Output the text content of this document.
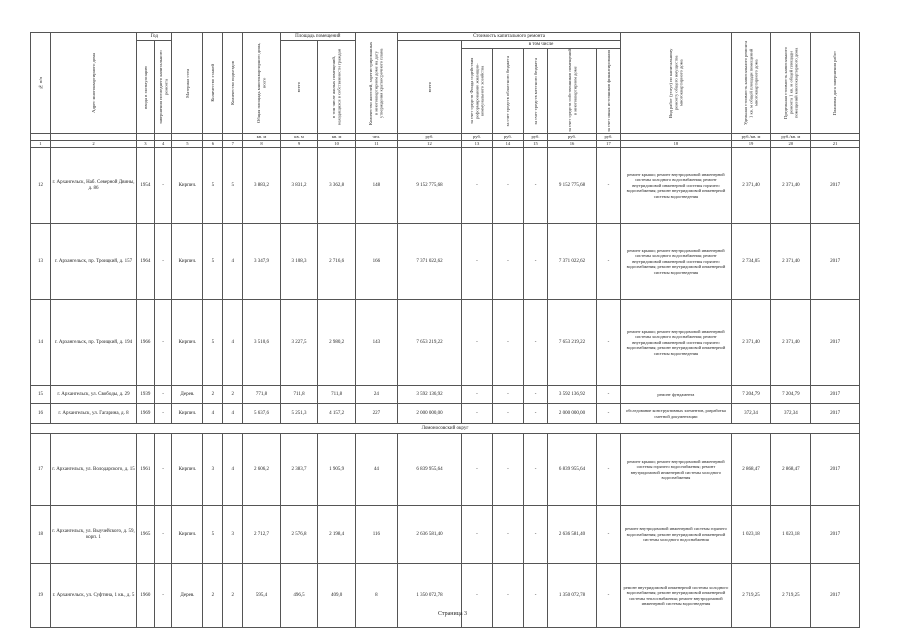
№ п/п	Адрес многоквартирного дома	Год		Материал стен	Количество этажей	Количество подъездов	Общая площадь многоквартирного дома, всего	Площадь помещений		Количество жителей, зарегистрированных в многоквартирном доме на дату утверждения краткосрочного плана	Стоимость капитального ремонта						Вид работ (услуг) по капитальному ремонту общего имущества многоквартирного дома	Удельная стоимость капитального ремонта 1 кв. м общей площади помещений многоквартирного дома	Предельная стоимость капитального ремонта 1 кв. м общей площади помещений многоквартирного дома	Плановая дата завершения работ

		ввода в эксплуатацию	завершения последнего капитального ремонта					всего	в том числе жилых помещений, находящихся в собственности граждан		всего	в том числе								

												за счет средств Фонда содействия реформированию жилищно-коммунального хозяйства	за счет средств областного бюджета	за счет средств местного бюджета	за счет средств собственников помещений в многоквартирном доме	за счет иных источников финансирования				

							кв. м	кв. м	кв. м	чел.	руб.	руб.	руб.	руб.	руб.	руб.		руб./кв. м	руб./кв. м	
1	2	3	4	5	6	7	8	9	10	11	12	13	14	15	16	17	18	19	20	21
12	г. Архангельск, Наб. Северной Двины, д. 86	1954	-	Кирпич.	5	5	3 883,2	3 831,2	3 362,8	148	9 152 775,68	-	-	-	9 152 775,68	-	ремонт крыши; ремонт внутридомовой инженерной системы холодного водоснабжения; ремонт внутридомовой инженерной системы горячего водоснабжения; ремонт внутридомовой инженерной системы водоотведения	2 371,40	2 371,40	2017
13	г. Архангельск, пр. Троицкий, д. 157	1964	-	Кирпич.	5	4	3 347,9	3 108,3	2 716,6	166	7 371 022,62	-	-	-	7 371 022,62	-	ремонт крыши; ремонт внутридомовой инженерной системы холодного водоснабжения; ремонт внутридомовой инженерной системы горячего водоснабжения; ремонт внутридомовой инженерной системы водоотведения	2 734,05	2 371,40	2017
14	г. Архангельск, пр. Троицкий, д. 194	1966	-	Кирпич.	5	4	3 510,6	3 227,5	2 980,2	143	7 653 219,22	-	-	-	7 653 219,22	-	ремонт крыши; ремонт внутридомовой инженерной системы холодного водоснабжения; ремонт внутридомовой инженерной системы горячего водоснабжения; ремонт внутридомовой инженерной системы водоотведения	2 371,40	2 371,40	2017
15	г. Архангельск, ул. Свободы, д. 29	1939	-	Дерев.	2	2	771,8	711,8	711,8	24	3 592 136,92	-	-	-	3 592 136,92	-	ремонт фундамента	7 204,79	7 204,79	2017
16	г. Архангельск, ул. Гагарина, д. 8	1969	-	Кирпич.	4	4	5 637,6	5 251,3	4 157,2	227	2 000 000,00	-	-	-	2 000 000,00	-	обследование конструктивных элементов, разработка сметной документации	372,34	372,34	2017
Ломоносовский округ																				
17	г. Архангельск, ул. Володарского, д. 15	1961	-	Кирпич.	3	4	2 606,2	2 383,7	1 905,9	44	6 839 955,64	-	-	-	6 839 955,64	-	ремонт крыши; ремонт внутридомовой инженерной системы горячего водоснабжения; ремонт внутридомовой инженерной системы холодного водоснабжения	2 868,47	2 868,47	2017
18	г. Архангельск, ул. Выучейского, д. 59, корп. 1	1965	-	Кирпич.	5	3	2 712,7	2 576,8	2 198,4	116	2 636 581,40	-	-	-	2 636 581,40	-	ремонт внутридомовой инженерной системы горячего водоснабжения; ремонт внутридомовой инженерной системы холодного водоснабжения	1 023,18	1 023,18	2017
19	г. Архангельск, ул. Суфтина, 1 кв., д. 5	1960	-	Дерев.	2	2	595,4	496,5	409,0	8	1 350 072,78	-	-	-	1 350 072,78	-	ремонт внутридомовой инженерной системы холодного водоснабжения; ремонт внутридомовой инженерной системы теплоснабжения; ремонт внутридомовой инженерной системы водоотведения	2 719,25	2 719,25	2017
Страница 3
